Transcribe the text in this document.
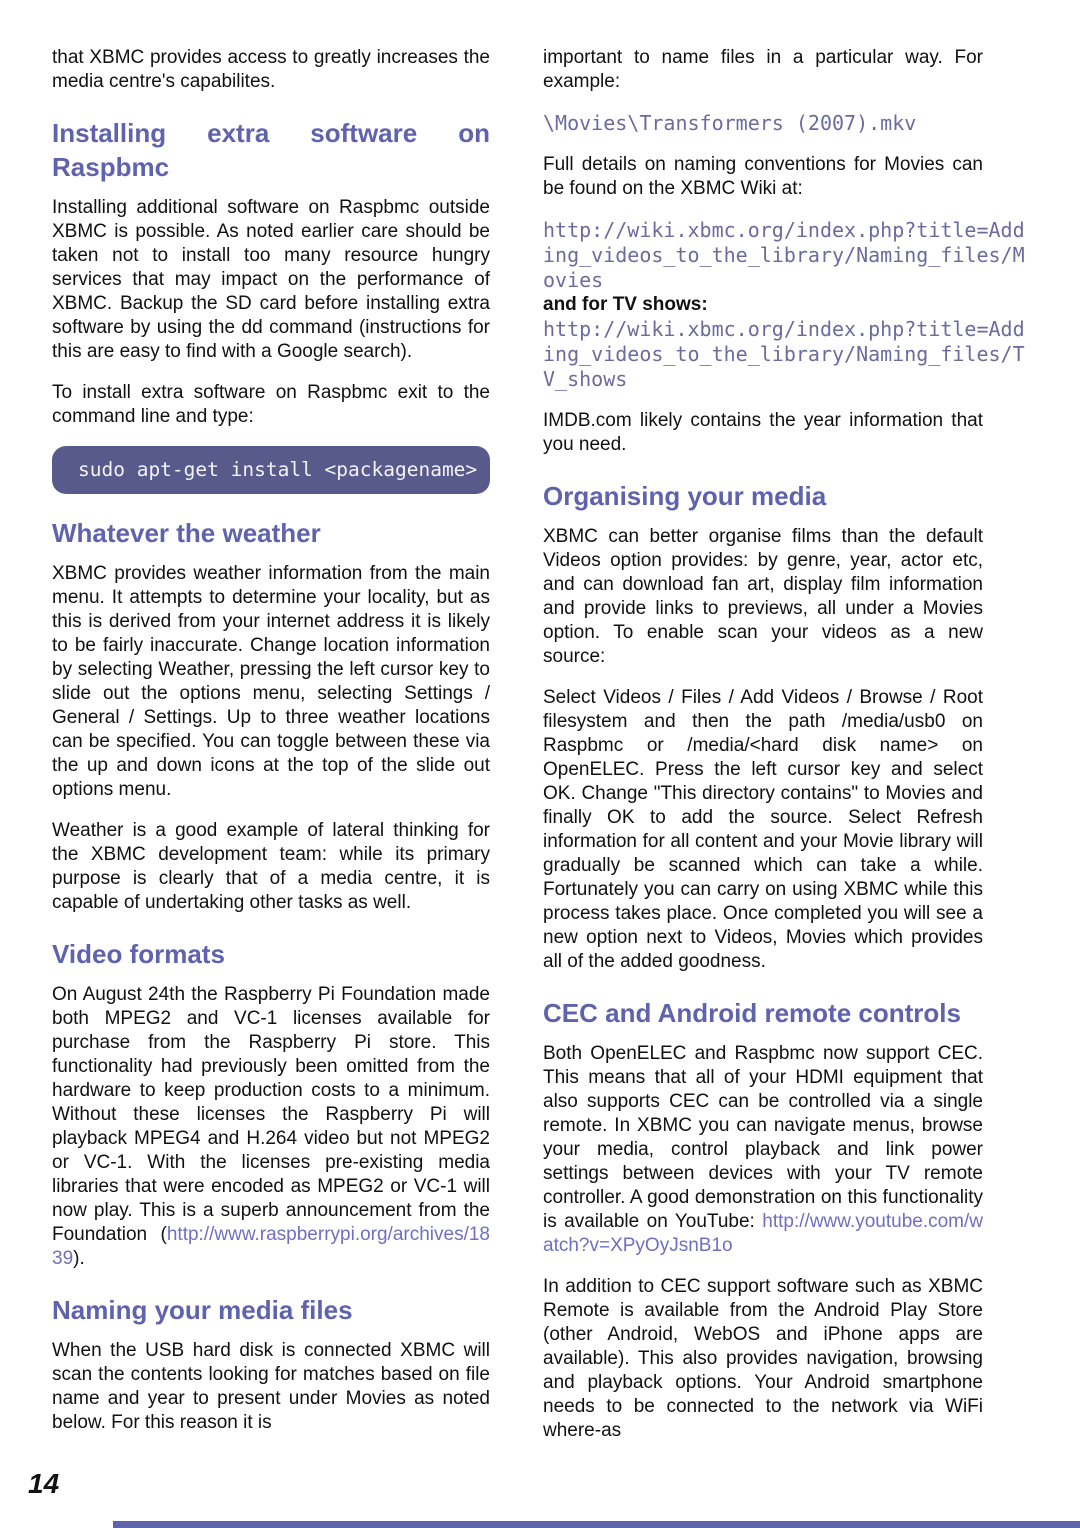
that XBMC provides access to greatly increases the media centre's capabilites.

Installing extra software on Raspbmc

Installing additional software on Raspbmc outside XBMC is possible. As noted earlier care should be taken not to install too many resource hungry services that may impact on the performance of XBMC. Backup the SD card before installing extra software by using the dd command (instructions for this are easy to find with a Google search).

To install extra software on Raspbmc exit to the command line and type:

sudo apt-get install <packagename>
Whatever the weather

XBMC provides weather information from the main menu. It attempts to determine your locality, but as this is derived from your internet address it is likely to be fairly inaccurate. Change location information by selecting Weather, pressing the left cursor key to slide out the options menu, selecting Settings / General / Settings. Up to three weather locations can be specified. You can toggle between these via the up and down icons at the top of the slide out options menu.

Weather is a good example of lateral thinking for the XBMC development team: while its primary purpose is clearly that of a media centre, it is capable of undertaking other tasks as well.

Video formats

On August 24th the Raspberry Pi Foundation made both MPEG2 and VC-1 licenses available for purchase from the Raspberry Pi store. This functionality had previously been omitted from the hardware to keep production costs to a minimum. Without these licenses the Raspberry Pi will playback MPEG4 and H.264 video but not MPEG2 or VC-1. With the licenses pre-existing media libraries that were encoded as MPEG2 or VC-1 will now play. This is a superb announcement from the Foundation (http://www.raspberrypi.org/archives/1839).

Naming your media files

When the USB hard disk is connected XBMC will scan the contents looking for matches based on file name and year to present under Movies as noted below. For this reason it is

important to name files in a particular way. For example:

\Movies\Transformers (2007).mkv

Full details on naming conventions for Movies can be found on the XBMC Wiki at:

http://wiki.xbmc.org/index.php?title=Adding_videos_to_the_library/Naming_files/Movies

and for TV shows:

http://wiki.xbmc.org/index.php?title=Adding_videos_to_the_library/Naming_files/TV_shows

IMDB.com likely contains the year information that you need.

Organising your media

XBMC can better organise films than the default Videos option provides: by genre, year, actor etc, and can download fan art, display film information and provide links to previews, all under a Movies option. To enable scan your videos as a new source:

Select Videos / Files / Add Videos / Browse / Root filesystem and then the path /media/usb0 on Raspbmc or /media/<hard disk name> on OpenELEC. Press the left cursor key and select OK. Change "This directory contains" to Movies and finally OK to add the source. Select Refresh information for all content and your Movie library will gradually be scanned which can take a while. Fortunately you can carry on using XBMC while this process takes place. Once completed you will see a new option next to Videos, Movies which provides all of the added goodness.

CEC and Android remote controls

Both OpenELEC and Raspbmc now support CEC. This means that all of your HDMI equipment that also supports CEC can be controlled via a single remote. In XBMC you can navigate menus, browse your media, control playback and link power settings between devices with your TV remote controller. A good demonstration on this functionality is available on YouTube: http://www.youtube.com/watch?v=XPyOyJsnB1o

In addition to CEC support software such as XBMC Remote is available from the Android Play Store (other Android, WebOS and iPhone apps are available). This also provides navigation, browsing and playback options. Your Android smartphone needs to be connected to the network via WiFi where-as

14
